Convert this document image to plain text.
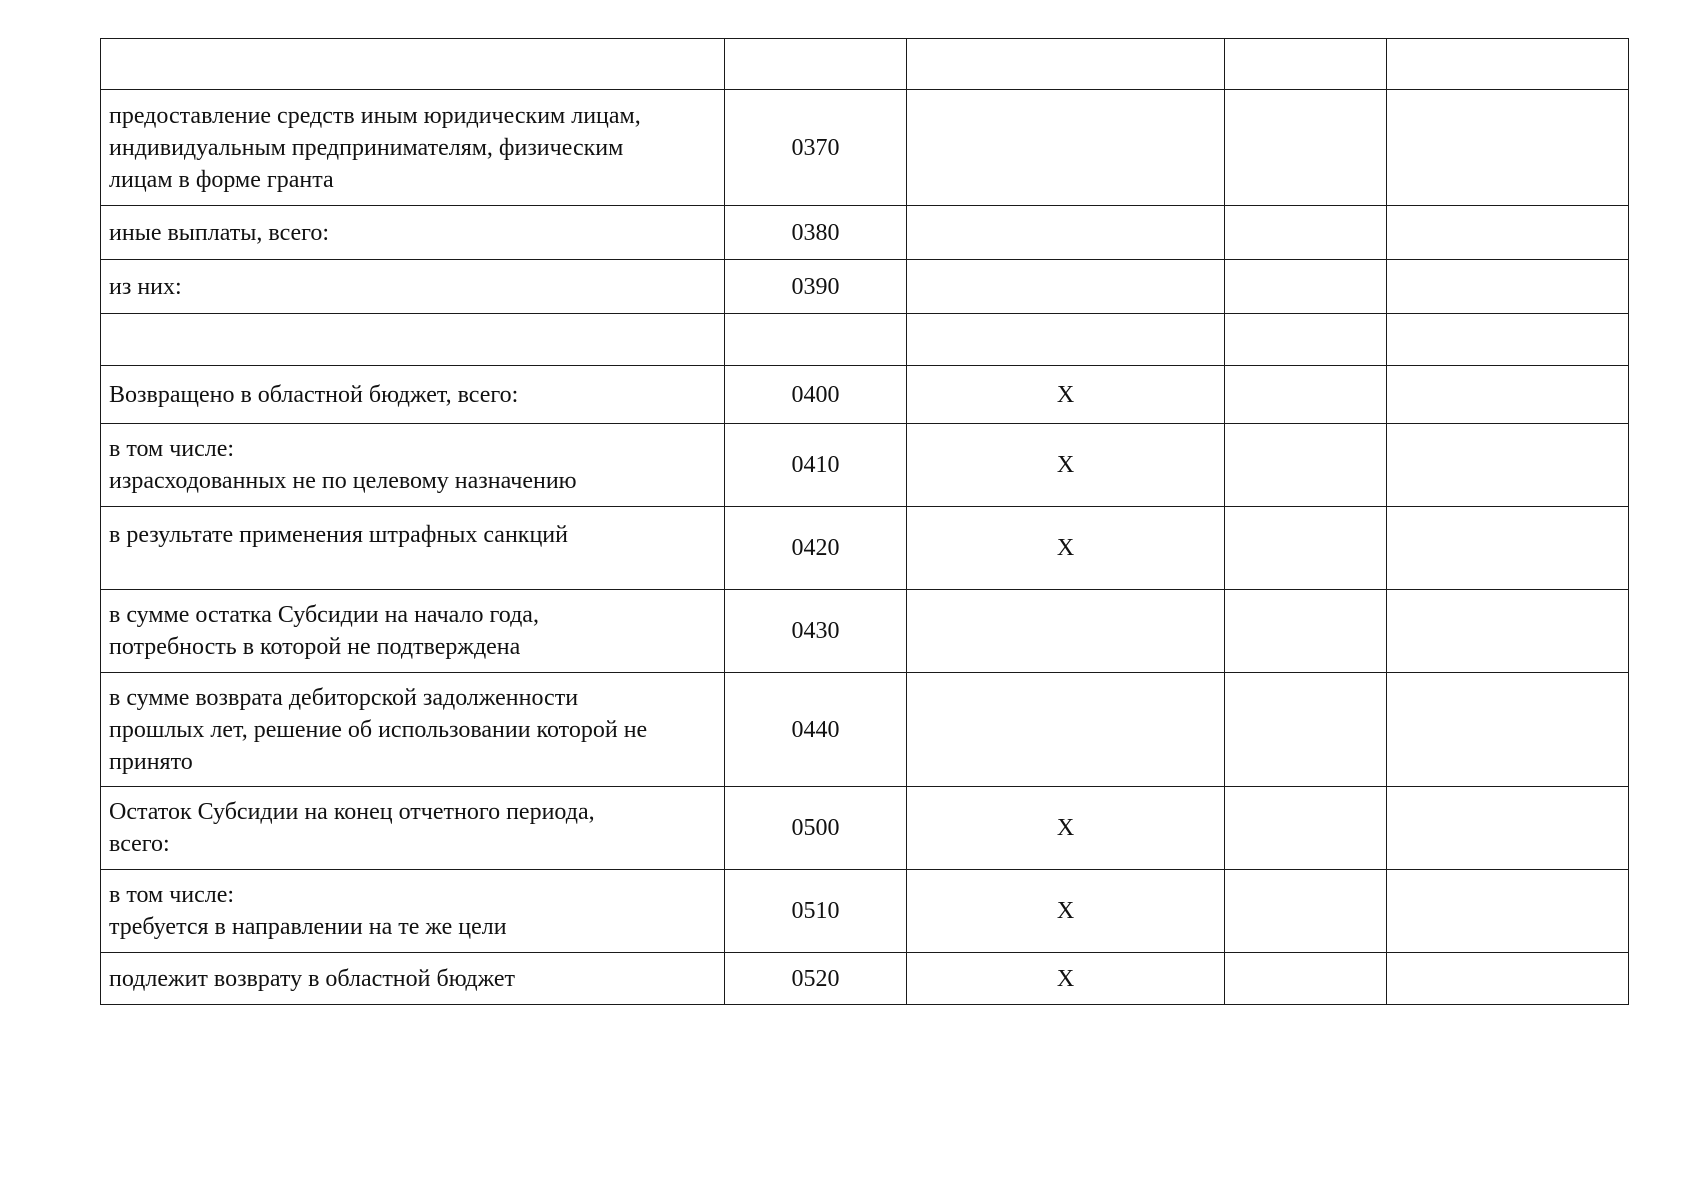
предоставление средств иным юридическим лицам,
индивидуальным предпринимателям, физическим
лицам в форме гранта	0370			

иные выплаты, всего:	0380			

из них:	0390			

Возвращено в областной бюджет, всего:	0400	X		

в том числе:
израсходованных не по целевому назначению	0410	X		

в результате применения штрафных санкций	0420	X		

в сумме остатка Субсидии на начало года,
потребность в которой не подтверждена	0430			

в сумме возврата дебиторской задолженности
прошлых лет, решение об использовании которой не
принято	0440			

Остаток Субсидии на конец отчетного периода,
всего:	0500	X		

в том числе:
требуется в направлении на те же цели	0510	X		

подлежит возврату в областной бюджет	0520	X		
